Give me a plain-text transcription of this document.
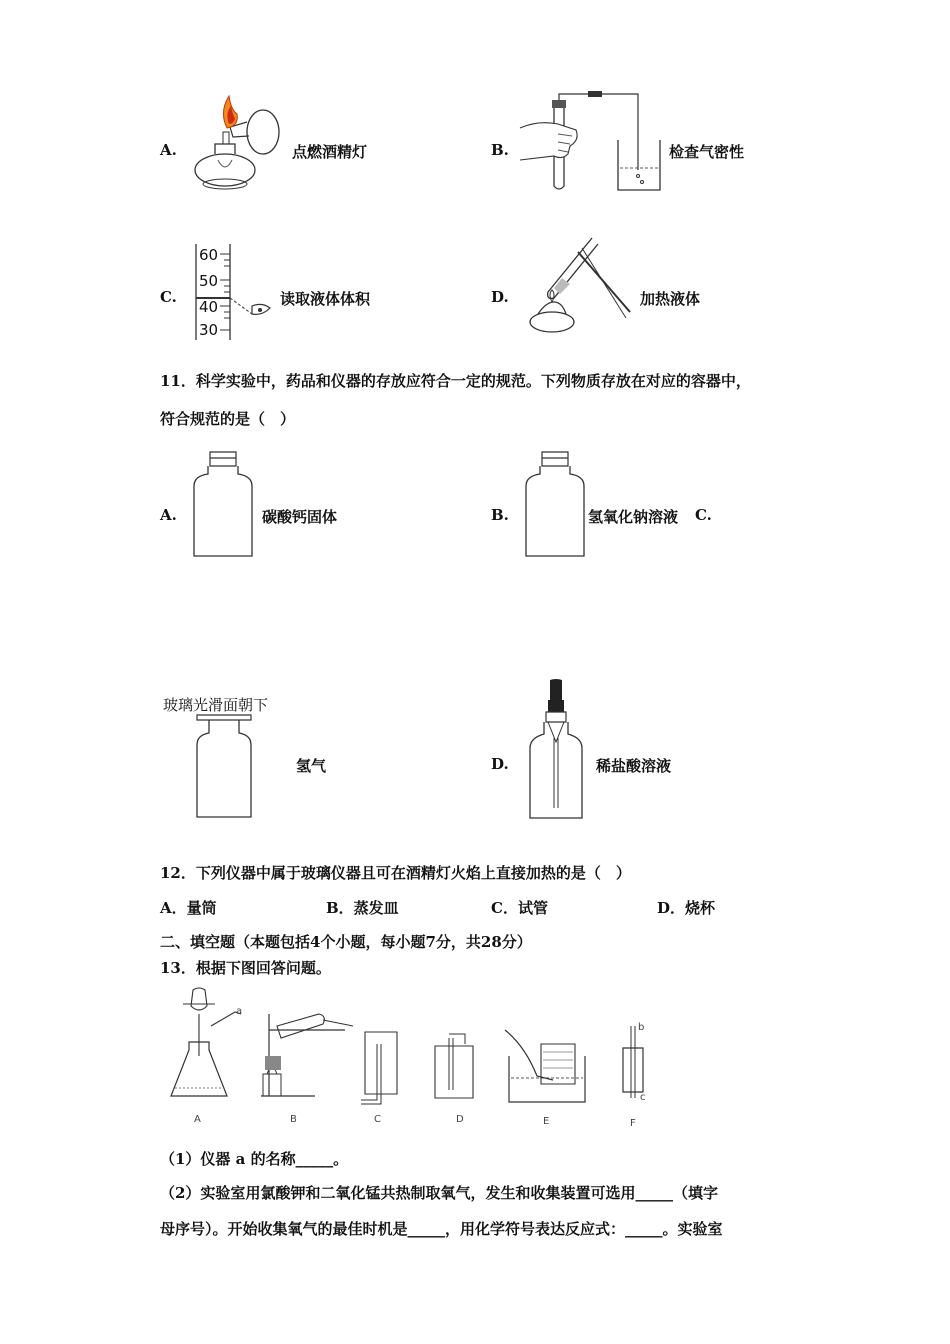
A.	点燃酒精灯	B.	检查气密性
C.
60
50
40
30
读取液体体积	D.	加热液体
11．科学实验中，药品和仪器的存放应符合一定的规范。下列物质存放在对应的容器中，
符合规范的是（　）
A.	碳酸钙固体	B.	氢氧化钠溶液 C.
玻璃光滑面朝下
氢气	D.	稀盐酸溶液
12．下列仪器中属于玻璃仪器且可在酒精灯火焰上直接加热的是（　）
A．量筒	B．蒸发皿	C．试管	D．烧杯
二、填空题（本题包括4个小题，每小题7分，共28分）
13．根据下图回答问题。
a
b
c
A	B	C	D	E	F
（1）仪器 a 的名称_____。
（2）实验室用氯酸钾和二氧化锰共热制取氧气，发生和收集装置可选用_____（填字
母序号）。开始收集氧气的最佳时机是_____，用化学符号表达反应式：_____。实验室
